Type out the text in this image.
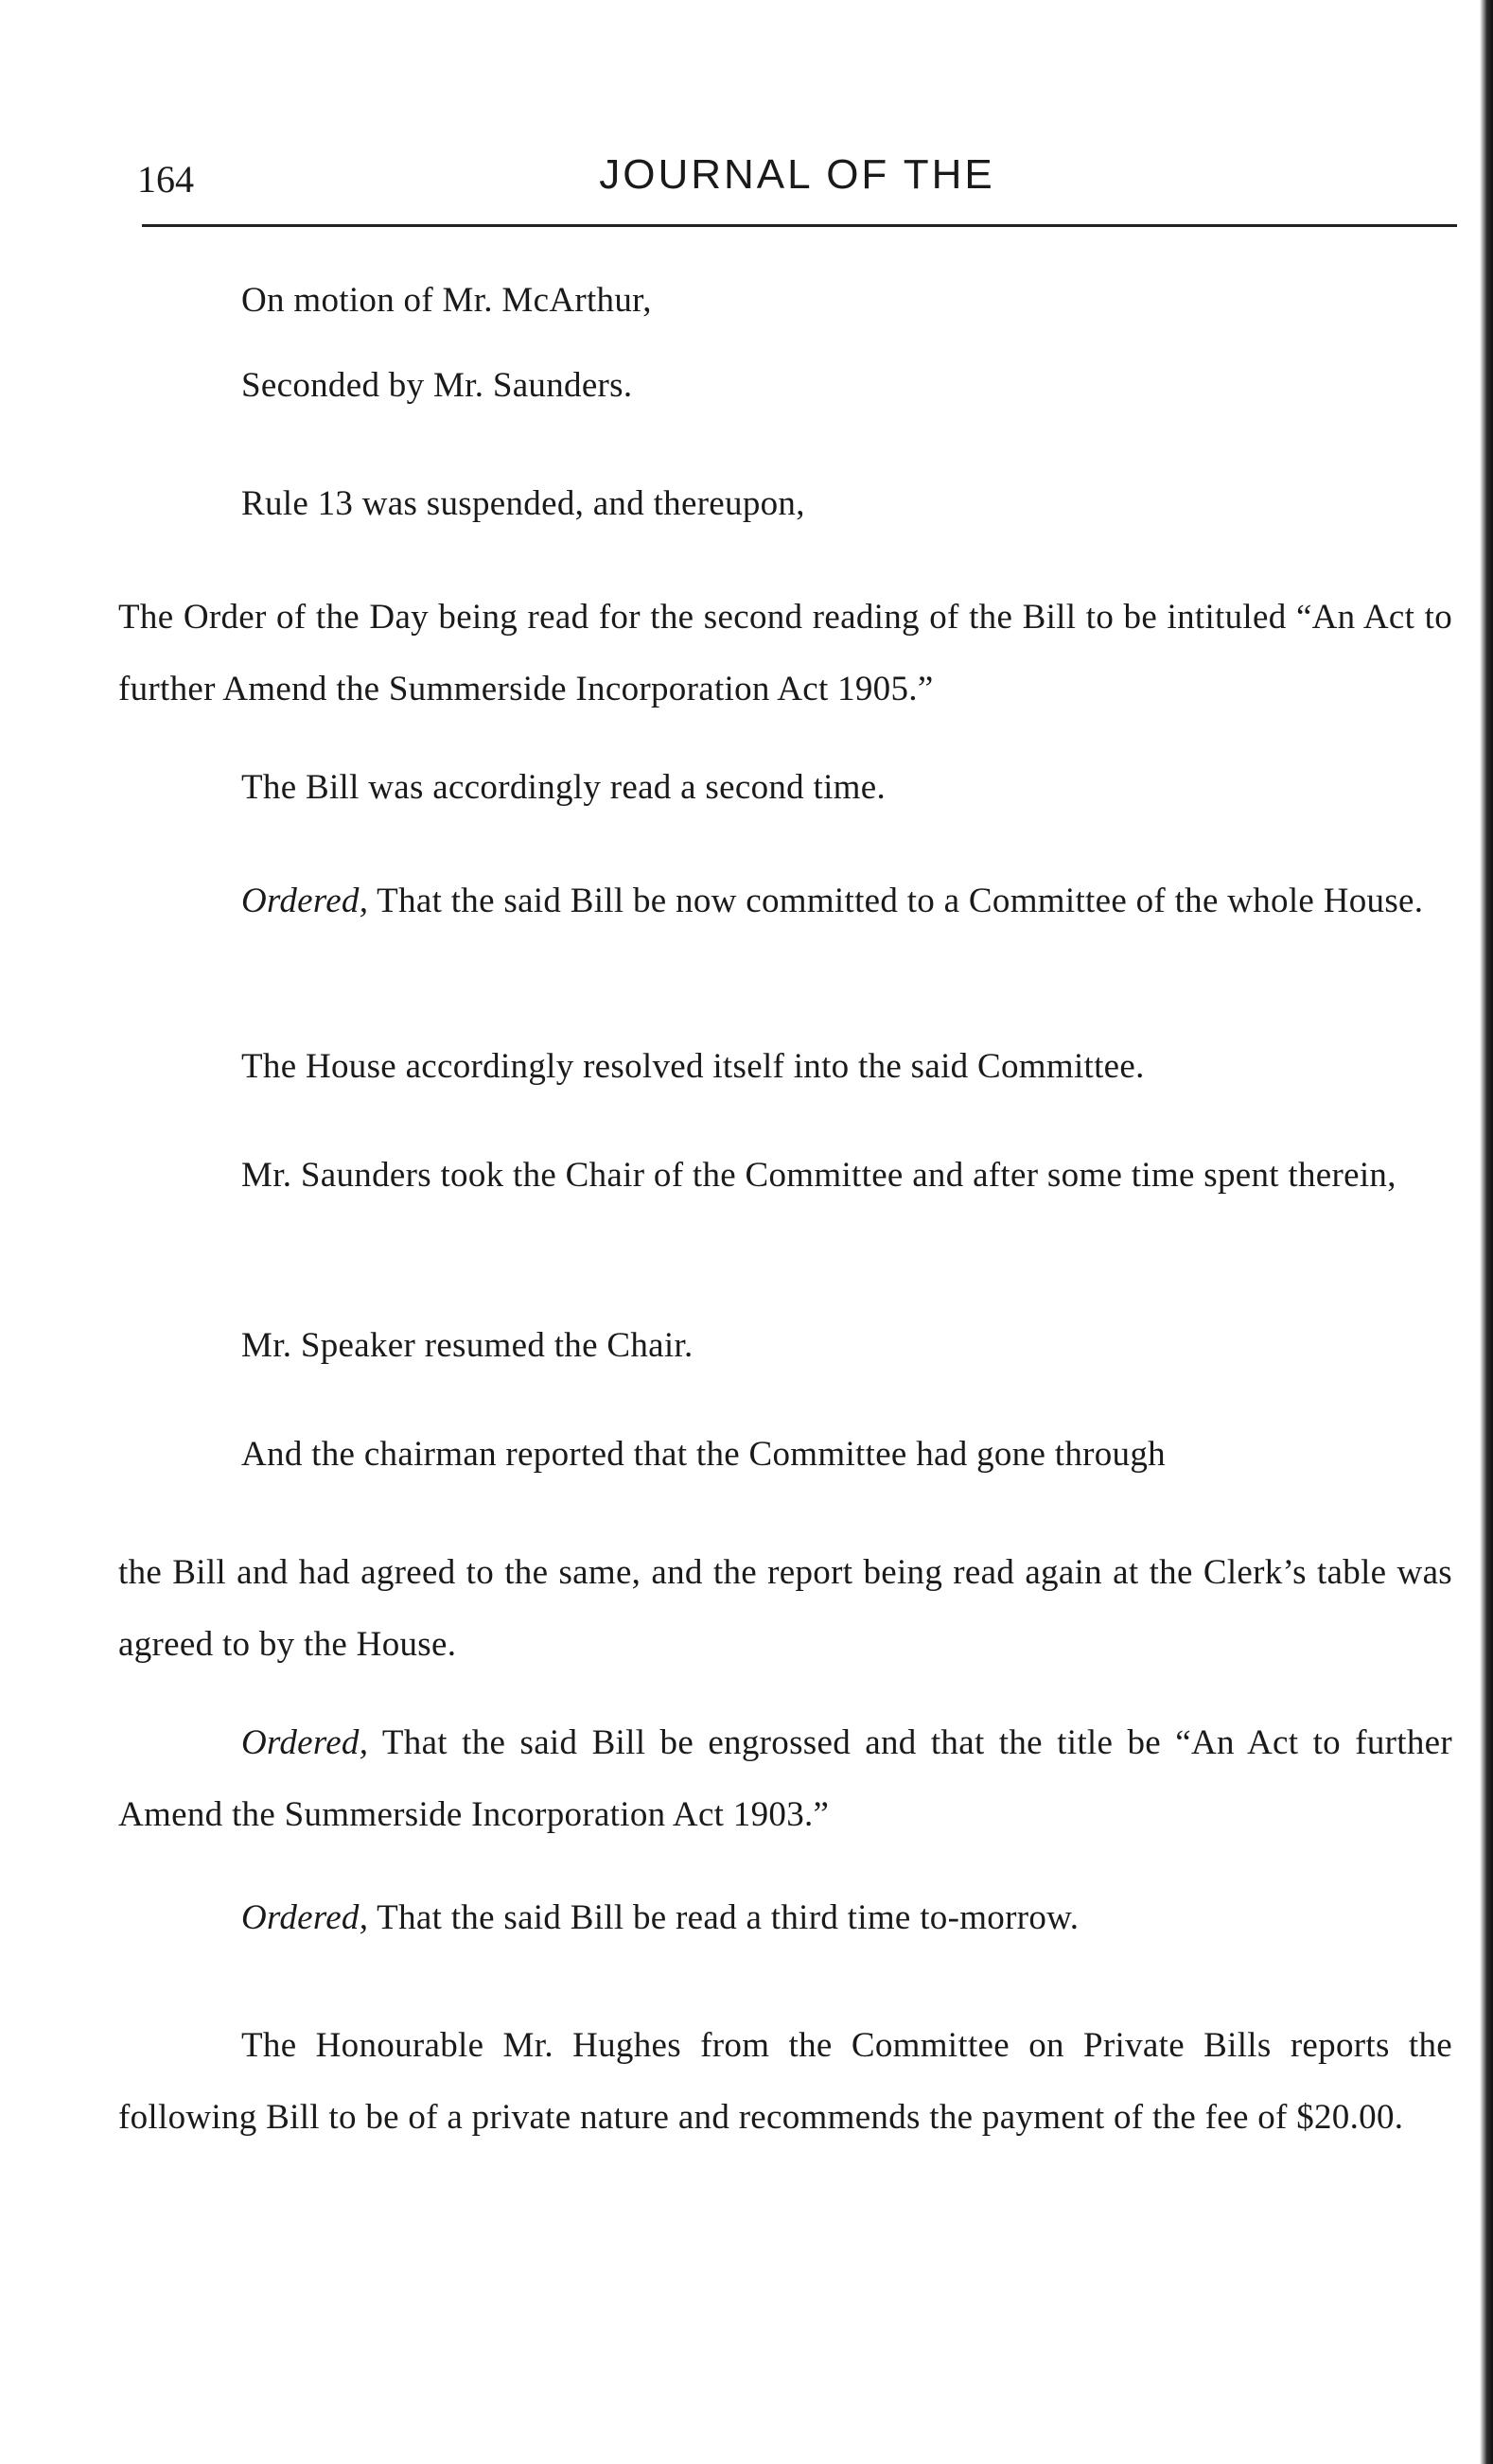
164	JOURNAL OF THE

On motion of Mr. McArthur,

Seconded by Mr. Saunders.

Rule 13 was suspended, and thereupon,

The Order of the Day being read for the second reading of the Bill to be intituled “An Act to further Amend the Summerside Incorporation Act 1905.”

The Bill was accordingly read a second time.

Ordered, That the said Bill be now committed to a Committee of the whole House.

The House accordingly resolved itself into the said Committee.

Mr. Saunders took the Chair of the Committee and after some time spent therein,

Mr. Speaker resumed the Chair.

And the chairman reported that the Committee had gone through

the Bill and had agreed to the same, and the report being read again at the Clerk’s table was agreed to by the House.

Ordered, That the said Bill be engrossed and that the title be “An Act to further Amend the Summerside Incorporation Act 1903.”

Ordered, That the said Bill be read a third time to-morrow.

The Honourable Mr. Hughes from the Committee on Private Bills reports the following Bill to be of a private nature and recommends the payment of the fee of $20.00.
